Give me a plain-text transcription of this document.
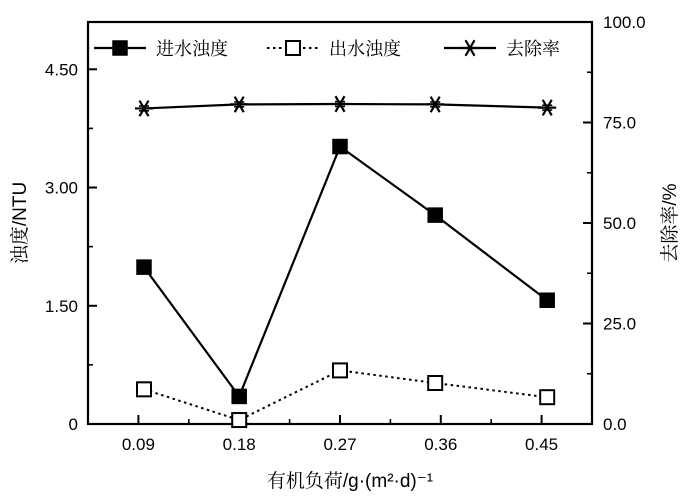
0
1.50
3.00
4.50
0.0
25.0
50.0
75.0
100.0
0.09	0.18	0.27	0.36	0.45
有机负荷/g·(m²·d)⁻¹
浊度/NTU	去除率/%
进水浊度	出水浊度	去除率
